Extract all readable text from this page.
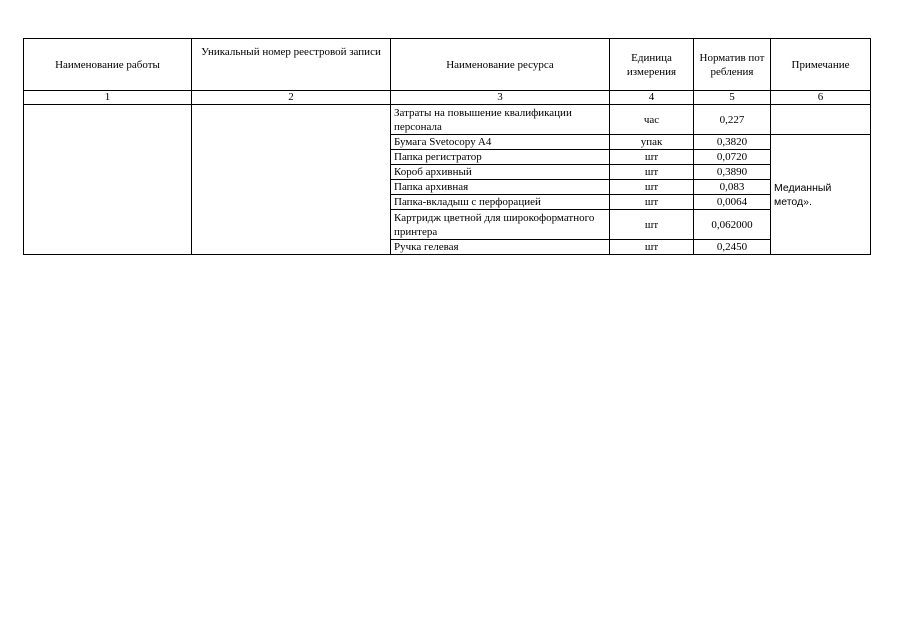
Наименование работы	Уникальный номер реестровой записи	Наименование ресурса	Единица измерения	Норматив потребления	Примечание
1	2	3	4	5	6
		Затраты на повышение квалификации персонала	час	0,227	
		Бумага Svetocopy A4	упак	0,3820	Медианный метод».
		Папка регистратор	шт	0,0720	
		Короб архивный	шт	0,3890	
		Папка архивная	шт	0,083	
		Папка-вкладыш с перфорацией	шт	0,0064	
		Картридж цветной для широкоформатного принтера	шт	0,062000	
		Ручка гелевая	шт	0,2450	
